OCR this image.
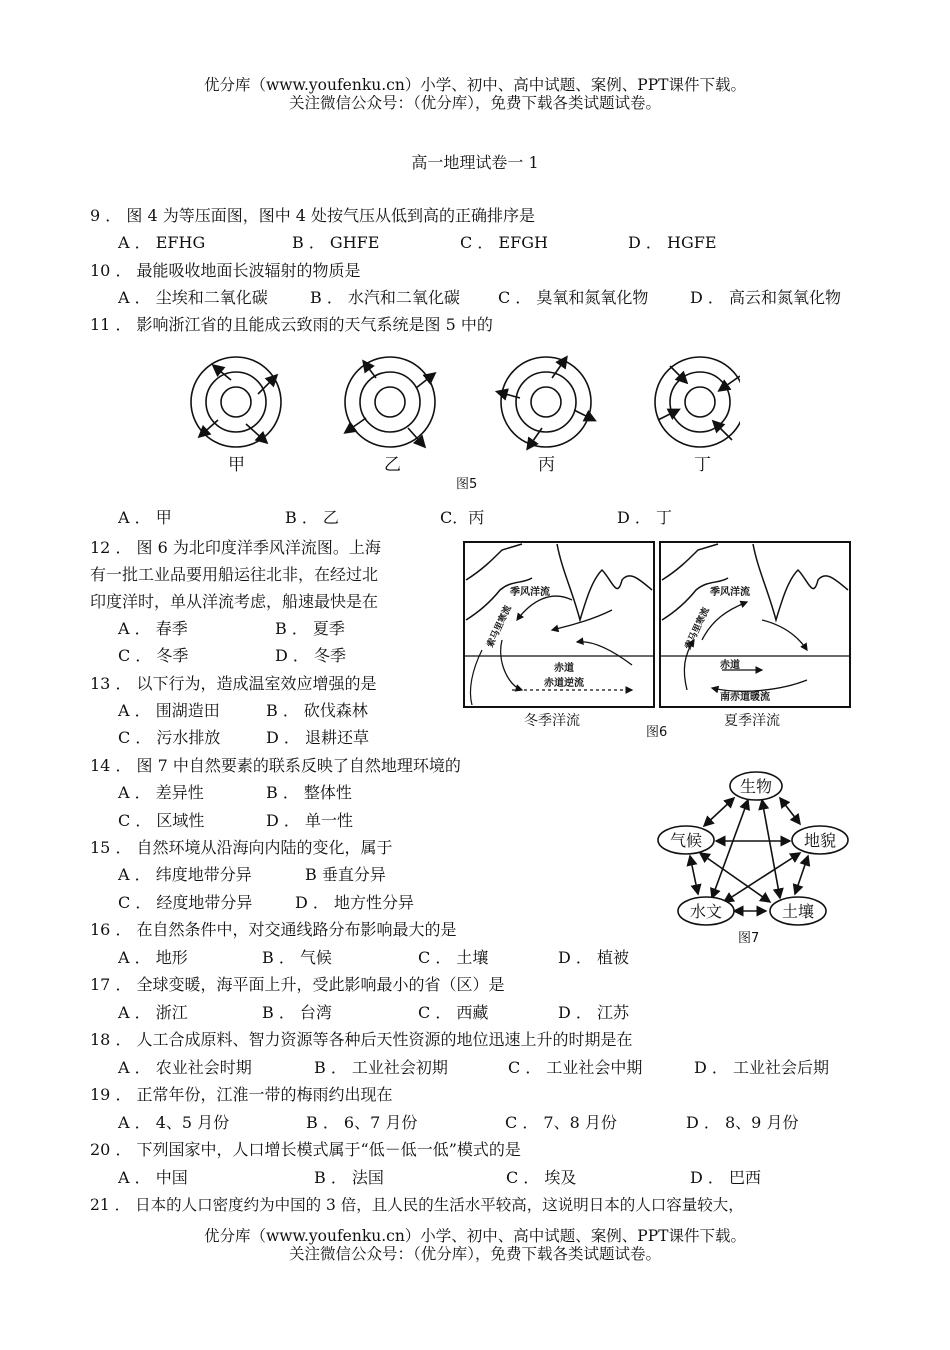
优分库（www.youfenku.cn）小学、初中、高中试题、案例、PPT课件下载。
关注微信公众号：（优分库），免费下载各类试题试卷。
高一地理试卷一 1
9 ． 图 4 为等压面图，图中 4 处按气压从低到高的正确排序是
A ． EFHG	B ． GHFE	C ． EFGH	D ． HGFE
10 ． 最能吸收地面长波辐射的物质是
A ． 尘埃和二氧化碳	B ． 水汽和二氧化碳 C ． 臭氧和氮氧化物	D ． 高云和氮氧化物
11 ． 影响浙江省的且能成云致雨的天气系统是图 5 中的
甲	乙	丙	丁
图5
A ． 甲	B ． 乙	C．丙	D ． 丁
12 ． 图 6 为北印度洋季风洋流图。上海
有一批工业品要用船运往北非，在经过北
印度洋时，单从洋流考虑，船速最快是在
A ． 春季	B ． 夏季
C ． 冬季	D ． 冬季
季风洋流
索马里寒流
赤道
赤道逆流
季风洋流
索马里寒流
赤道
南赤道暖流
冬季洋流
图6
夏季洋流
13 ． 以下行为，造成温室效应增强的是
A ． 围湖造田	B ． 砍伐森林
C ． 污水排放	D ． 退耕还草
14 ． 图 7 中自然要素的联系反映了自然地理环境的
A ． 差异性	B ． 整体性
C ． 区域性	D ． 单一性
生物
气候	地貌
水文	土壤
图7
15 ． 自然环境从沿海向内陆的变化，属于
A ． 纬度地带分异	B 垂直分异
C ． 经度地带分异	D ． 地方性分异
16 ． 在自然条件中，对交通线路分布影响最大的是
A ． 地形	B ． 气候	C ． 土壤	D ． 植被
17 ． 全球变暖，海平面上升，受此影响最小的省（区）是
A ． 浙江	B ． 台湾	C ． 西藏	D ． 江苏
18 ． 人工合成原料、智力资源等各种后天性资源的地位迅速上升的时期是在
A ． 农业社会时期	B ． 工业社会初期	C ． 工业社会中期	D ． 工业社会后期
19 ． 正常年份，江淮一带的梅雨约出现在
A ． 4、5 月份	B ． 6、7 月份	C ． 7、8 月份	D ． 8、9 月份
20 ． 下列国家中，人口增长模式属于“低－低一低”模式的是
A ． 中国	B ． 法国	C ． 埃及	D ． 巴西
21 ． 日本的人口密度约为中国的 3 倍，且人民的生活水平较高，这说明日本的人口容量较大，
优分库（www.youfenku.cn）小学、初中、高中试题、案例、PPT课件下载。
关注微信公众号：（优分库），免费下载各类试题试卷。
